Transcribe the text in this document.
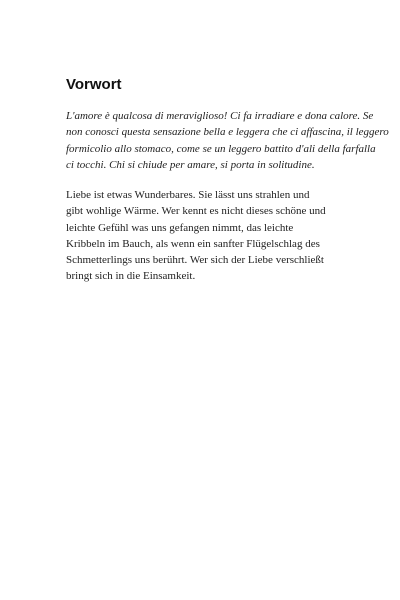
Vorwort

L'amore è qualcosa di meraviglioso! Ci fa irradiare e dona calore. Se
non conosci questa sensazione bella e leggera che ci affascina, il leggero
formicolio allo stomaco, come se un leggero battito d'ali della farfalla
ci tocchi. Chi si chiude per amare, si porta in solitudine.

Liebe ist etwas Wunderbares. Sie lässt uns strahlen und
gibt wohlige Wärme. Wer kennt es nicht dieses schöne und
leichte Gefühl was uns gefangen nimmt, das leichte
Kribbeln im Bauch, als wenn ein sanfter Flügelschlag des
Schmetterlings uns berührt. Wer sich der Liebe verschließt
bringt sich in die Einsamkeit.
